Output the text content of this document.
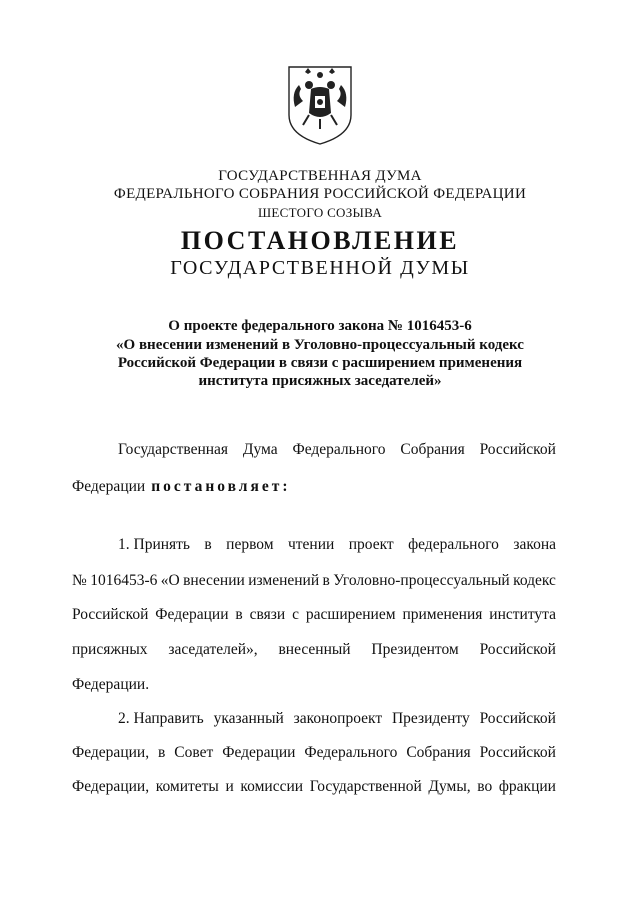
ГОСУДАРСТВЕННАЯ ДУМА
ФЕДЕРАЛЬНОГО СОБРАНИЯ РОССИЙСКОЙ ФЕДЕРАЦИИ
ШЕСТОГО СОЗЫВА
ПОСТАНОВЛЕНИЕ
ГОСУДАРСТВЕННОЙ ДУМЫ
О проекте федерального закона № 1016453-6
«О внесении изменений в Уголовно-процессуальный кодекс
Российской Федерации в связи с расширением применения
института присяжных заседателей»
Государственная Дума Федерального Собрания Российской
Федерации постановляет:
1. Принять в первом чтении проект федерального закона
№ 1016453-6 «О внесении изменений в Уголовно-процессуальный кодекс
Российской Федерации в связи с расширением применения института
присяжных заседателей», внесенный Президентом Российской
Федерации.
2. Направить указанный законопроект Президенту Российской
Федерации, в Совет Федерации Федерального Собрания Российской
Федерации, комитеты и комиссии Государственной Думы, во фракции
